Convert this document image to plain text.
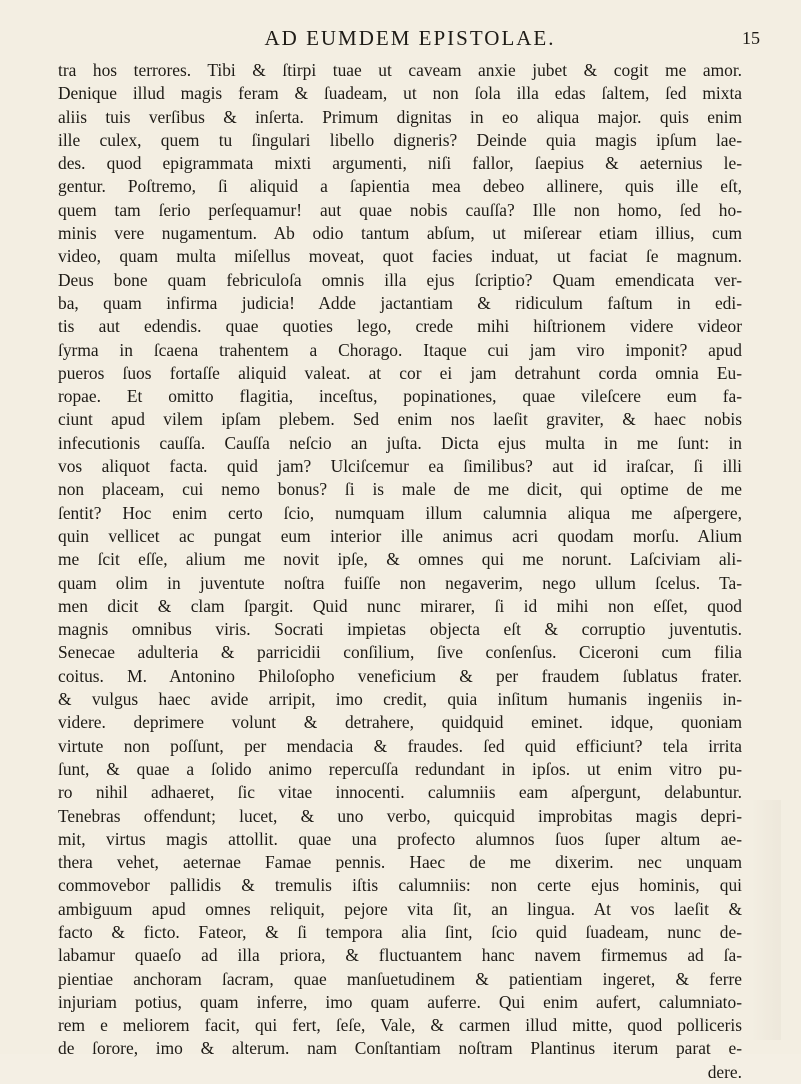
AD EUMDEM EPISTOLAE.	15
tra hos terrores. Tibi & ſtirpi tuae ut caveam anxie jubet & cogit me amor.
Denique illud magis feram & ſuadeam, ut non ſola illa edas ſaltem, ſed mixta
aliis tuis verſibus & inſerta. Primum dignitas in eo aliqua major. quis enim
ille culex, quem tu ſingulari libello digneris? Deinde quia magis ipſum lae-
des. quod epigrammata mixti argumenti, niſi fallor, ſaepius & aeternius le-
gentur. Poſtremo, ſi aliquid a ſapientia mea debeo allinere, quis ille eſt,
quem tam ſerio perſequamur! aut quae nobis cauſſa? Ille non homo, ſed ho-
minis vere nugamentum. Ab odio tantum abſum, ut miſerear etiam illius, cum
video, quam multa miſellus moveat, quot facies induat, ut faciat ſe magnum.
Deus bone quam febriculoſa omnis illa ejus ſcriptio? Quam emendicata ver-
ba, quam infirma judicia! Adde jactantiam & ridiculum faſtum in edi-
tis aut edendis. quae quoties lego, crede mihi hiſtrionem videre videor
ſyrma in ſcaena trahentem a Chorago. Itaque cui jam viro imponit? apud
pueros ſuos fortaſſe aliquid valeat. at cor ei jam detrahunt corda omnia Eu-
ropae. Et omitto flagitia, inceſtus, popinationes, quae vileſcere eum fa-
ciunt apud vilem ipſam plebem. Sed enim nos laeſit graviter, & haec nobis
infecutionis cauſſa. Cauſſa neſcio an juſta. Dicta ejus multa in me ſunt: in
vos aliquot facta. quid jam? Ulciſcemur ea ſimilibus? aut id iraſcar, ſi illi
non placeam, cui nemo bonus? ſi is male de me dicit, qui optime de me
ſentit? Hoc enim certo ſcio, numquam illum calumnia aliqua me aſpergere,
quin vellicet ac pungat eum interior ille animus acri quodam morſu. Alium
me ſcit eſſe, alium me novit ipſe, & omnes qui me norunt. Laſciviam ali-
quam olim in juventute noſtra fuiſſe non negaverim, nego ullum ſcelus. Ta-
men dicit & clam ſpargit. Quid nunc mirarer, ſi id mihi non eſſet, quod
magnis omnibus viris. Socrati impietas objecta eſt & corruptio juventutis.
Senecae adulteria & parricidii conſilium, ſive conſenſus. Ciceroni cum filia
coitus. M. Antonino Philoſopho veneficium & per fraudem ſublatus frater.
& vulgus haec avide arripit, imo credit, quia inſitum humanis ingeniis in-
videre. deprimere volunt & detrahere, quidquid eminet. idque, quoniam
virtute non poſſunt, per mendacia & fraudes. ſed quid efficiunt? tela irrita
ſunt, & quae a ſolido animo repercuſſa redundant in ipſos. ut enim vitro pu-
ro nihil adhaeret, ſic vitae innocenti. calumniis eam aſpergunt, delabuntur.
Tenebras offendunt; lucet, & uno verbo, quicquid improbitas magis depri-
mit, virtus magis attollit. quae una profecto alumnos ſuos ſuper altum ae-
thera vehet, aeternae Famae pennis. Haec de me dixerim. nec unquam
commovebor pallidis & tremulis iſtis calumniis: non certe ejus hominis, qui
ambiguum apud omnes reliquit, pejore vita ſit, an lingua. At vos laeſit &
facto & ficto. Fateor, & ſi tempora alia ſint, ſcio quid ſuadeam, nunc de-
labamur quaeſo ad illa priora, & fluctuantem hanc navem firmemus ad ſa-
pientiae anchoram ſacram, quae manſuetudinem & patientiam ingeret, & ferre
injuriam potius, quam inferre, imo quam auferre. Qui enim aufert, calumniato-
rem e meliorem facit, qui fert, ſeſe, Vale, & carmen illud mitte, quod polliceris
de ſorore, imo & alterum. nam Conſtantiam noſtram Plantinus iterum parat e-
dere.
